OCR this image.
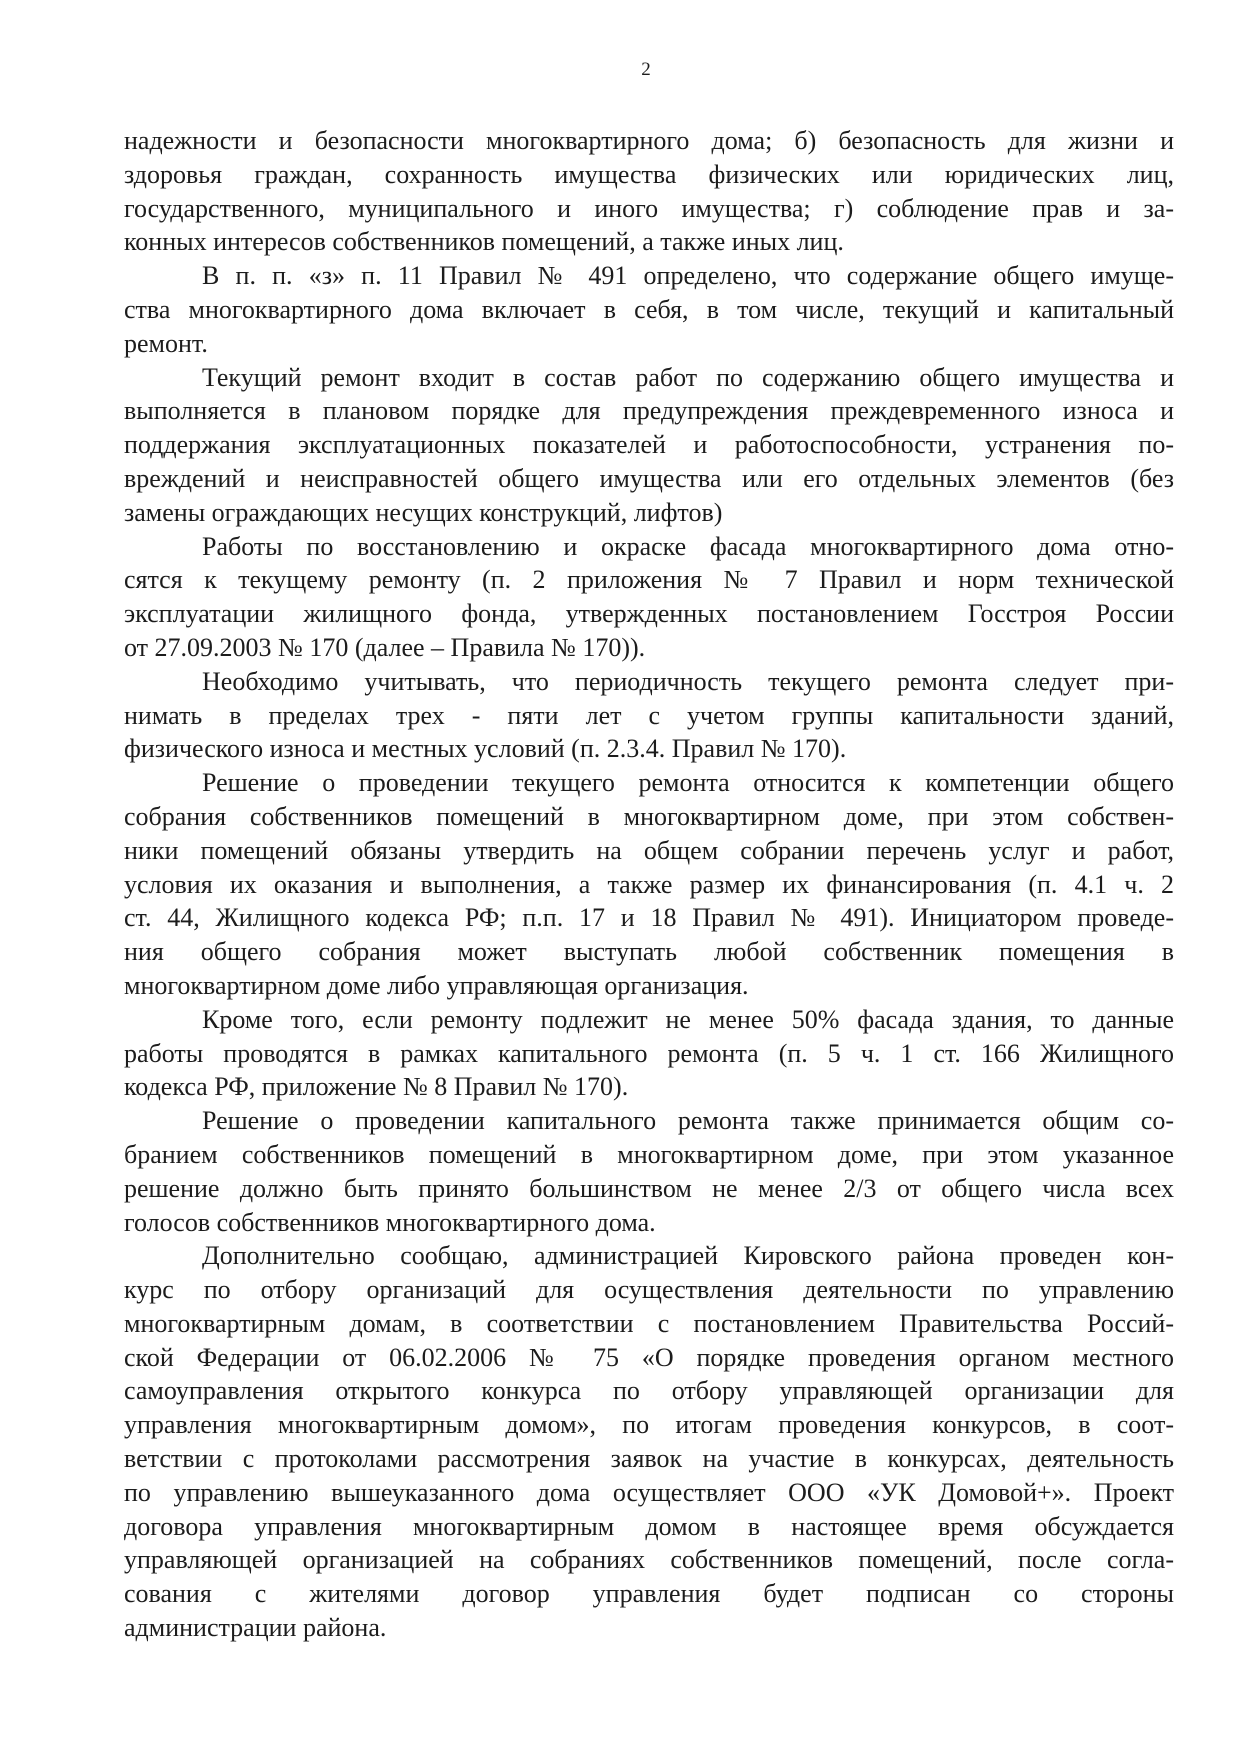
2
надежности и безопасности многоквартирного дома; б) безопасность для жизни и
здоровья граждан, сохранность имущества физических или юридических лиц,
государственного, муниципального и иного имущества; г) соблюдение прав и за-
конных интересов собственников помещений, а также иных лиц.
В п. п. «з» п. 11 Правил № 491 определено, что содержание общего имуще-
ства многоквартирного дома включает в себя, в том числе, текущий и капитальный
ремонт.
Текущий ремонт входит в состав работ по содержанию общего имущества и
выполняется в плановом порядке для предупреждения преждевременного износа и
поддержания эксплуатационных показателей и работоспособности, устранения по-
вреждений и неисправностей общего имущества или его отдельных элементов (без
замены ограждающих несущих конструкций, лифтов)
Работы по восстановлению и окраске фасада многоквартирного дома отно-
сятся к текущему ремонту (п. 2 приложения № 7 Правил и норм технической
эксплуатации жилищного фонда, утвержденных постановлением Госстроя России
от 27.09.2003 № 170 (далее – Правила № 170)).
Необходимо учитывать, что периодичность текущего ремонта следует при-
нимать в пределах трех - пяти лет с учетом группы капитальности зданий,
физического износа и местных условий (п. 2.3.4. Правил № 170).
Решение о проведении текущего ремонта относится к компетенции общего
собрания собственников помещений в многоквартирном доме, при этом собствен-
ники помещений обязаны утвердить на общем собрании перечень услуг и работ,
условия их оказания и выполнения, а также размер их финансирования (п. 4.1 ч. 2
ст. 44, Жилищного кодекса РФ; п.п. 17 и 18 Правил № 491). Инициатором проведе-
ния общего собрания может выступать любой собственник помещения в
многоквартирном доме либо управляющая организация.
Кроме того, если ремонту подлежит не менее 50% фасада здания, то данные
работы проводятся в рамках капитального ремонта (п. 5 ч. 1 ст. 166 Жилищного
кодекса РФ, приложение № 8 Правил № 170).
Решение о проведении капитального ремонта также принимается общим со-
бранием собственников помещений в многоквартирном доме, при этом указанное
решение должно быть принято большинством не менее 2/3 от общего числа всех
голосов собственников многоквартирного дома.
Дополнительно сообщаю, администрацией Кировского района проведен кон-
курс по отбору организаций для осуществления деятельности по управлению
многоквартирным домам, в соответствии с постановлением Правительства Россий-
ской Федерации от 06.02.2006 № 75 «О порядке проведения органом местного
самоуправления открытого конкурса по отбору управляющей организации для
управления многоквартирным домом», по итогам проведения конкурсов, в соот-
ветствии с протоколами рассмотрения заявок на участие в конкурсах, деятельность
по управлению вышеуказанного дома осуществляет ООО «УК Домовой+». Проект
договора управления многоквартирным домом в настоящее время обсуждается
управляющей организацией на собраниях собственников помещений, после согла-
сования с жителями договор управления будет подписан со стороны
администрации района.
